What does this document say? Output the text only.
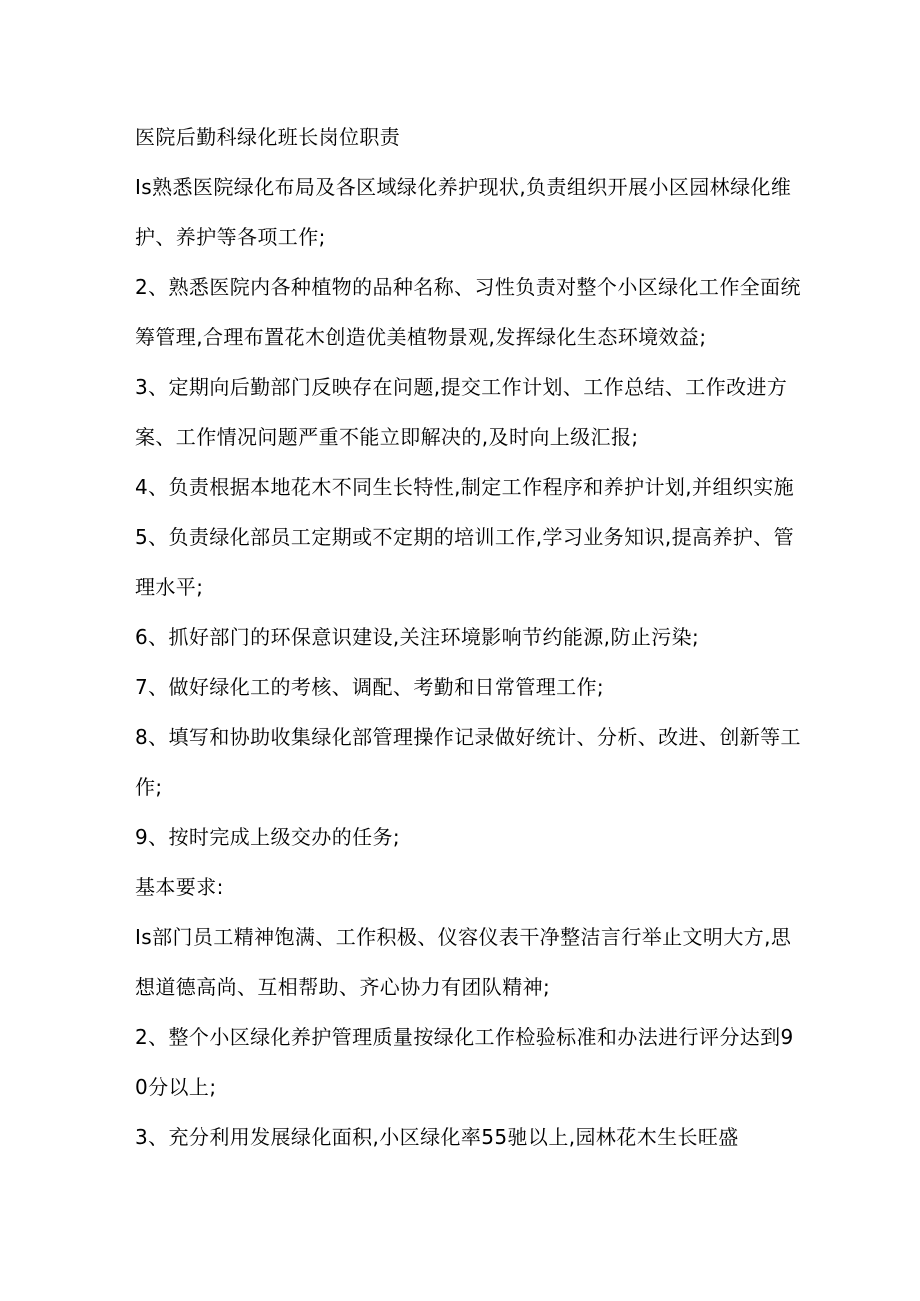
医院后勤科绿化班长岗位职责

Is熟悉医院绿化布局及各区域绿化养护现状,负责组织开展小区园林绿化维护、养护等各项工作;

2、熟悉医院内各种植物的品种名称、习性负责对整个小区绿化工作全面统筹管理,合理布置花木创造优美植物景观,发挥绿化生态环境效益;

3、定期向后勤部门反映存在问题,提交工作计划、工作总结、工作改进方案、工作情况问题严重不能立即解决的,及时向上级汇报;

4、负责根据本地花木不同生长特性,制定工作程序和养护计划,并组织实施

5、负责绿化部员工定期或不定期的培训工作,学习业务知识,提高养护、管理水平;

6、抓好部门的环保意识建设,关注环境影响节约能源,防止污染;

7、做好绿化工的考核、调配、考勤和日常管理工作;

8、填写和协助收集绿化部管理操作记录做好统计、分析、改进、创新等工作;

9、按时完成上级交办的任务;

基本要求:

Is部门员工精神饱满、工作积极、仪容仪表干净整洁言行举止文明大方,思想道德高尚、互相帮助、齐心协力有团队精神;

2、整个小区绿化养护管理质量按绿化工作检验标准和办法进行评分达到90分以上;

3、充分利用发展绿化面积,小区绿化率55驰以上,园林花木生长旺盛
